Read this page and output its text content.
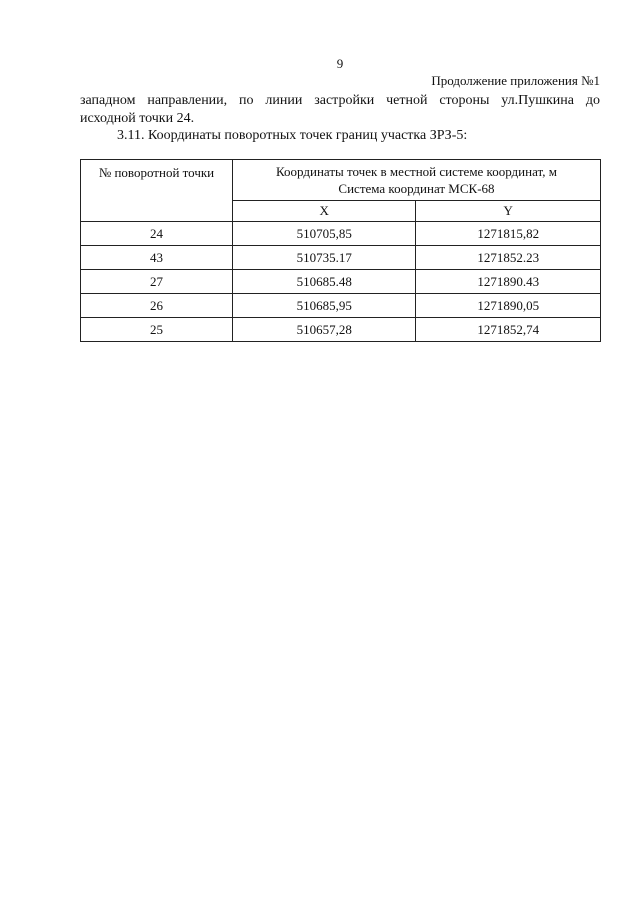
9
Продолжение приложения №1
западном направлении, по линии застройки четной стороны ул.Пушкина до
исходной точки 24.
3.11. Координаты поворотных точек границ участка ЗРЗ-5:
№ поворотной точки	Координаты точек в местной системе координат, м
Система координат МСК-68	
	X	Y
24	510705,85	1271815,82
43	510735.17	1271852.23
27	510685.48	1271890.43
26	510685,95	1271890,05
25	510657,28	1271852,74
